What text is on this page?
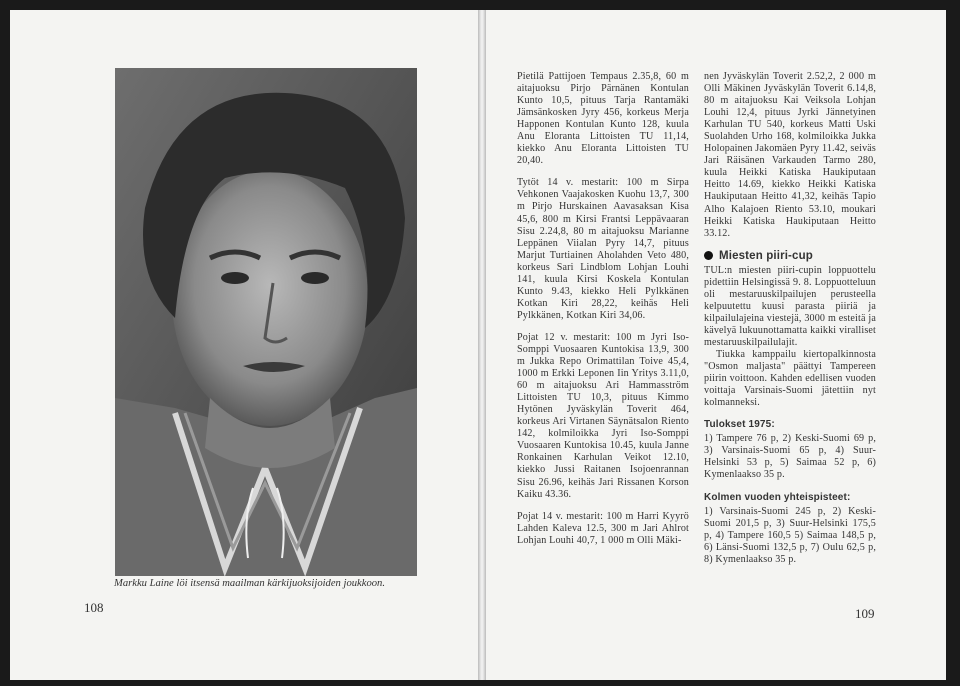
Markku Laine löi itsensä maailman kärkijuoksijoiden joukkoon.
108

Pietilä Pattijoen Tempaus 2.35,8, 60 m aitajuoksu Pirjo Pärnänen Kontulan Kunto 10,5, pituus Tarja Rantamäki Jämsänkosken Jyry 456, korkeus Merja Happonen Kontulan Kunto 128, kuula Anu Eloranta Littoisten TU 11,14, kiekko Anu Eloranta Littoisten TU 20,40.

Tytöt 14 v. mestarit: 100 m Sirpa Vehkonen Vaajakosken Kuohu 13,7, 300 m Pirjo Hurskainen Aavasaksan Kisa 45,6, 800 m Kirsi Frantsi Leppävaaran Sisu 2.24,8, 80 m aitajuoksu Marianne Leppänen Viialan Pyry 14,7, pituus Marjut Turtiainen Aholahden Veto 480, korkeus Sari Lindblom Lohjan Louhi 141, kuula Kirsi Koskela Kontulan Kunto 9.43, kiekko Heli Pylkkänen Kotkan Kiri 28,22, keihäs Heli Pylkkänen, Kotkan Kiri 34,06.

Pojat 12 v. mestarit: 100 m Jyri Iso-Somppi Vuosaaren Kuntokisa 13,9, 300 m Jukka Repo Orimattilan Toive 45,4, 1000 m Erkki Leponen Iin Yritys 3.11,0, 60 m aitajuoksu Ari Hammasström Littoisten TU 10,3, pituus Kimmo Hytönen Jyväskylän Toverit 464, korkeus Ari Virtanen Säynätsalon Riento 142, kolmiloikka Jyri Iso-Somppi Vuosaaren Kuntokisa 10.45, kuula Janne Ronkainen Karhulan Veikot 12.10, kiekko Jussi Raitanen Isojoenrannan Sisu 26.96, keihäs Jari Rissanen Korson Kaiku 43.36.

Pojat 14 v. mestarit: 100 m Harri Kyyrö Lahden Kaleva 12.5, 300 m Jari Ahlrot Lohjan Louhi 40,7, 1 000 m Olli Mäki-

nen Jyväskylän Toverit 2.52,2, 2 000 m Olli Mäkinen Jyväskylän Toverit 6.14,8, 80 m aitajuoksu Kai Veiksola Lohjan Louhi 12,4, pituus Jyrki Jännetyinen Karhulan TU 540, korkeus Matti Uski Suolahden Urho 168, kolmiloikka Jukka Holopainen Jakomäen Pyry 11.42, seiväs Jari Räisänen Varkauden Tarmo 280, kuula Heikki Katiska Haukiputaan Heitto 14.69, kiekko Heikki Katiska Haukiputaan Heitto 41,32, keihäs Tapio Alho Kalajoen Riento 53.10, moukari Heikki Katiska Haukiputaan Heitto 33.12.

Miesten piiri-cup

TUL:n miesten piiri-cupin loppuottelu pidettiin Helsingissä 9. 8. Loppuotteluun oli mestaruuskilpailujen perusteella kelpuutettu kuusi parasta piiriä ja kilpailulajeina viestejä, 3000 m esteitä ja kävelyä lukuunottamatta kaikki viralliset mestaruuskilpailulajit.

Tiukka kamppailu kiertopalkinnosta "Osmon maljasta" päättyi Tampereen piirin voittoon. Kahden edellisen vuoden voittaja Varsinais-Suomi jätettiin nyt kolmanneksi.

Tulokset 1975:

1) Tampere 76 p, 2) Keski-Suomi 69 p, 3) Varsinais-Suomi 65 p, 4) Suur-Helsinki 53 p, 5) Saimaa 52 p, 6) Kymenlaakso 35 p.

Kolmen vuoden yhteispisteet:

1) Varsinais-Suomi 245 p, 2) Keski-Suomi 201,5 p, 3) Suur-Helsinki 175,5 p, 4) Tampere 160,5 5) Saimaa 148,5 p, 6) Länsi-Suomi 132,5 p, 7) Oulu 62,5 p, 8) Kymenlaakso 35 p.

109
